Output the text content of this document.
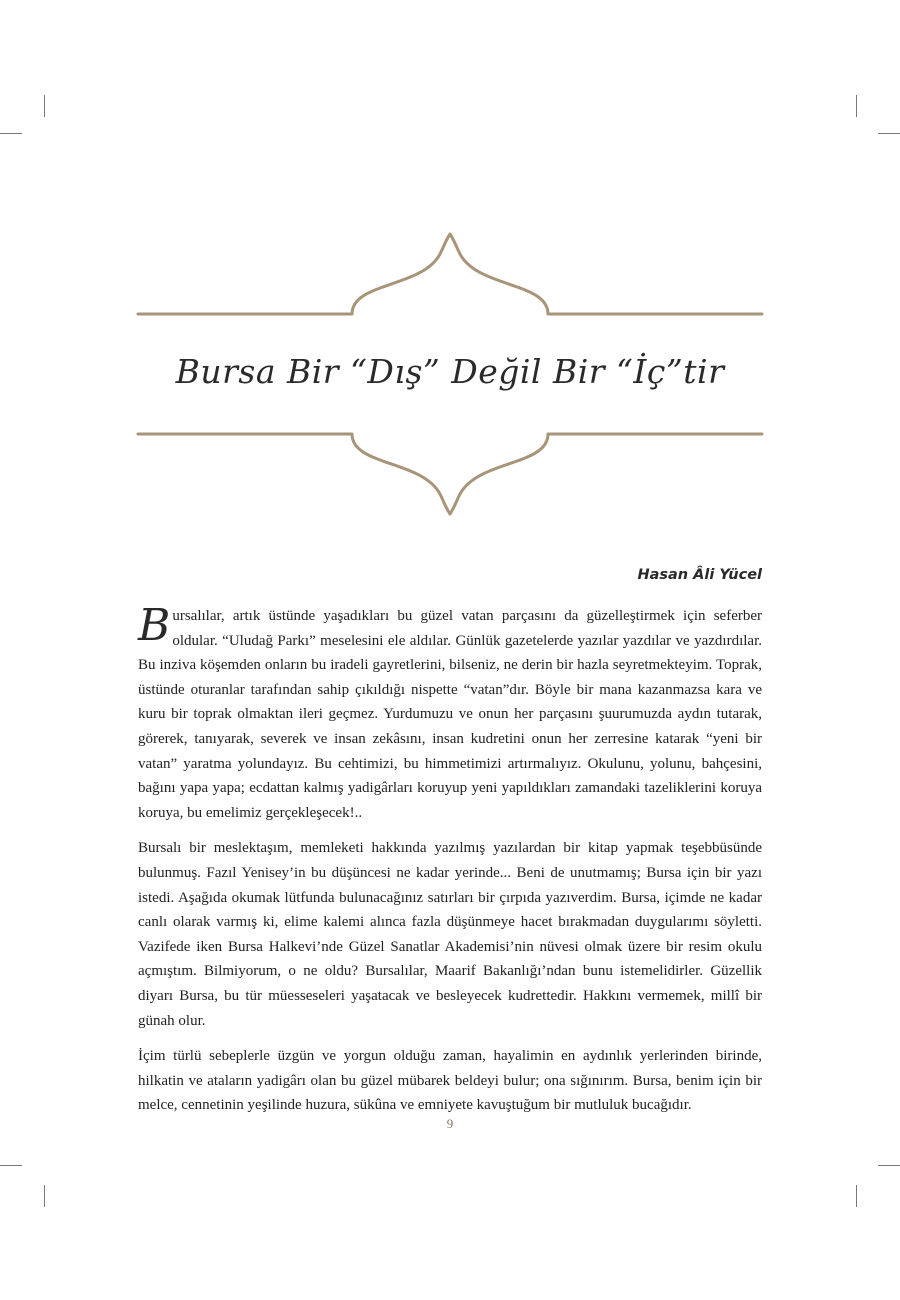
Bursa Bir “Dış” Değil Bir “İç”tir
Hasan Âli Yücel

Bursalılar, artık üstünde yaşadıkları bu güzel vatan parçasını da güzelleştirmek için seferber oldular. “Uludağ Parkı” meselesini ele aldılar. Günlük gazetelerde yazılar yazdılar ve yazdırdılar. Bu inziva köşemden onların bu iradeli gayretlerini, bilseniz, ne derin bir hazla seyretmekteyim. Toprak, üstünde oturanlar tarafından sahip çıkıldığı nispette “vatan”dır. Böyle bir mana kazanmazsa kara ve kuru bir toprak olmaktan ileri geçmez. Yurdumuzu ve onun her parçasını şuurumuzda aydın tutarak, görerek, tanıyarak, severek ve insan zekâsını, insan kudretini onun her zerresine katarak “yeni bir vatan” yaratma yolundayız. Bu cehtimizi, bu himmetimizi artırmalıyız. Okulunu, yolunu, bahçesini, bağını yapa yapa; ecdattan kalmış yadigârları koruyup yeni yapıldıkları zamandaki tazeliklerini koruya koruya, bu emelimiz gerçekleşecek!..

Bursalı bir meslektaşım, memleketi hakkında yazılmış yazılardan bir kitap yapmak teşebbüsünde bulunmuş. Fazıl Yenisey’in bu düşüncesi ne kadar yerinde... Beni de unutmamış; Bursa için bir yazı istedi. Aşağıda okumak lütfunda bulunacağınız satırları bir çırpıda yazıverdim. Bursa, içimde ne kadar canlı olarak varmış ki, elime kalemi alınca fazla düşünmeye hacet bırakmadan duygularımı söyletti. Vazifede iken Bursa Halkevi’nde Güzel Sanatlar Akademisi’nin nüvesi olmak üzere bir resim okulu açmıştım. Bilmiyorum, o ne oldu? Bursalılar, Maarif Bakanlığı’ndan bunu istemelidirler. Güzellik diyarı Bursa, bu tür müesseseleri yaşatacak ve besleyecek kudrettedir. Hakkını vermemek, millî bir günah olur.

İçim türlü sebeplerle üzgün ve yorgun olduğu zaman, hayalimin en aydınlık yerlerinden birinde, hilkatin ve ataların yadigârı olan bu güzel mübarek beldeyi bulur; ona sığınırım. Bursa, benim için bir melce, cennetinin yeşilinde huzura, sükûna ve emniyete kavuştuğum bir mutluluk bucağıdır.

9
